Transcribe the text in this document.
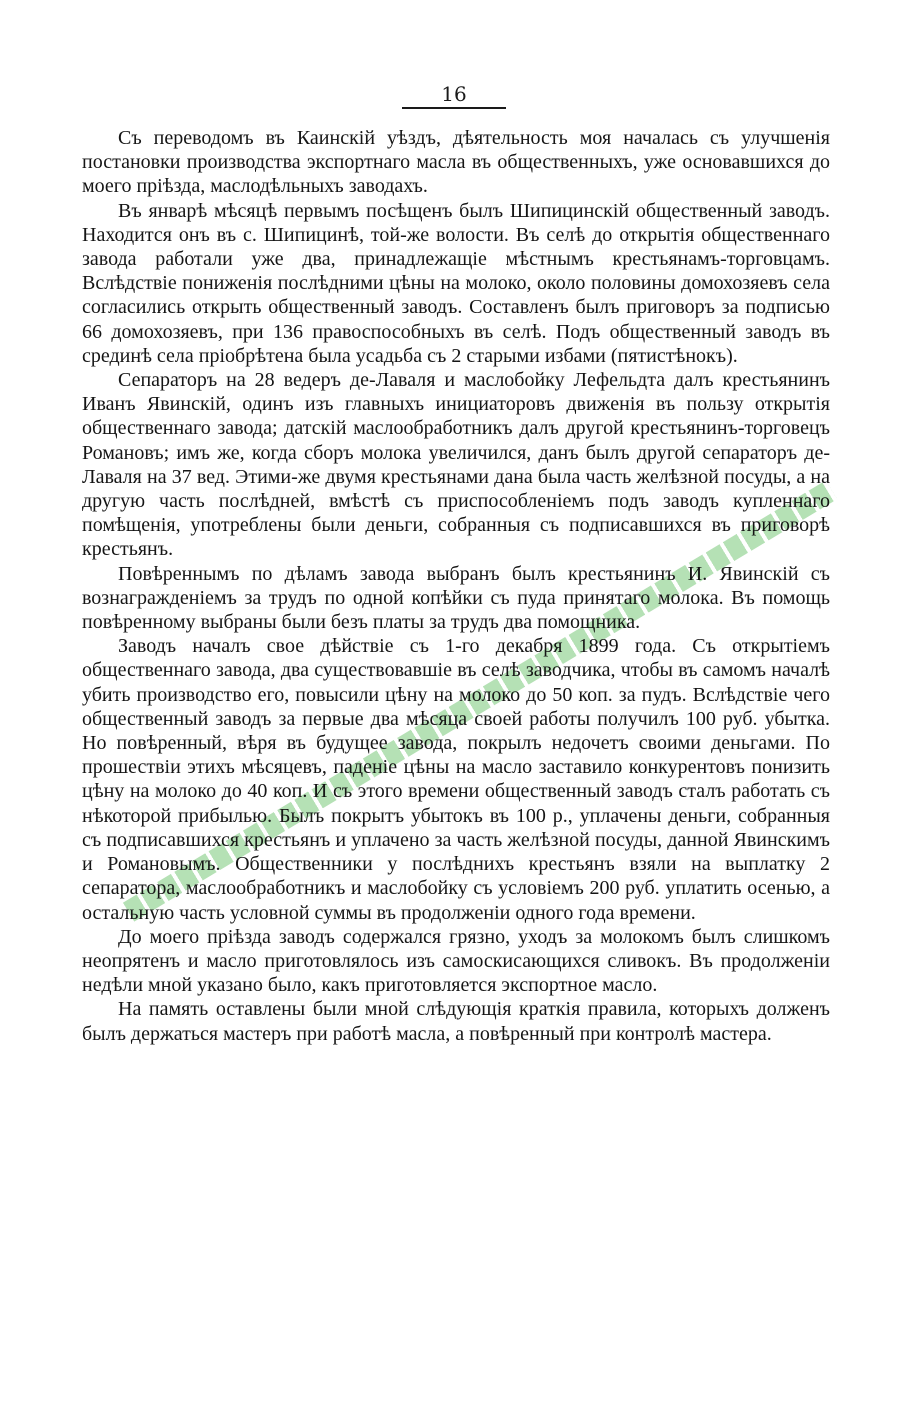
16

Съ переводомъ въ Каинскiй уѣздъ, дѣятельность моя началась съ улучшенiя постановки производства экспортнаго масла въ общественныхъ, уже основавшихся до моего прiѣзда, маслодѣльныхъ заводахъ.

Въ январѣ мѣсяцѣ первымъ посѣщенъ былъ Шипицинскiй общественный заводъ. Находится онъ въ с. Шипицинѣ, той-же волости. Въ селѣ до открытiя общественнаго завода работали уже два, принадлежащiе мѣстнымъ крестьянамъ-торговцамъ. Вслѣдствiе пониженiя послѣдними цѣны на молоко, около половины домохозяевъ села согласились открыть общественный заводъ. Составленъ былъ приговоръ за подписью 66 домохозяевъ, при 136 правоспособныхъ въ селѣ. Подъ общественный заводъ въ срединѣ села прiобрѣтена была усадьба съ 2 старыми избами (пятистѣнокъ).

Сепараторъ на 28 ведеръ де-Лаваля и маслобойку Лефельдта далъ крестьянинъ Иванъ Явинскiй, одинъ изъ главныхъ инициаторовъ движенiя въ пользу открытiя общественнаго завода; датскiй маслообработникъ далъ другой крестьянинъ-торговецъ Романовъ; имъ же, когда сборъ молока увеличился, данъ былъ другой сепараторъ де-Лаваля на 37 вед. Этими-же двумя крестьянами дана была часть желѣзной посуды, а на другую часть послѣдней, вмѣстѣ съ приспособленiемъ подъ заводъ купленнаго помѣщенiя, употреблены были деньги, собранныя съ подписавшихся въ приговорѣ крестьянъ.

Повѣреннымъ по дѣламъ завода выбранъ былъ крестьянинъ И. Явинскiй съ вознагражденiемъ за трудъ по одной копѣйки съ пуда принятаго молока. Въ помощь повѣренному выбраны были безъ платы за трудъ два помощника.

Заводъ началъ свое дѣйствiе съ 1-го декабря 1899 года. Съ открытiемъ общественнаго завода, два существовавшiе въ селѣ заводчика, чтобы въ самомъ началѣ убить производство его, повысили цѣну на молоко до 50 коп. за пудъ. Вслѣдствiе чего общественный заводъ за первые два мѣсяца своей работы получилъ 100 руб. убытка. Но повѣренный, вѣря въ будущее завода, покрылъ недочетъ своими деньгами. По прошествiи этихъ мѣсяцевъ, паденiе цѣны на масло заставило конкурентовъ понизить цѣну на молоко до 40 коп. И съ этого времени общественный заводъ сталъ работать съ нѣкоторой прибылью. Былъ покрытъ убытокъ въ 100 р., уплачены деньги, собранныя съ подписавшихся крестьянъ и уплачено за часть желѣзной посуды, данной Явинскимъ и Романовымъ. Общественники у послѣднихъ крестьянъ взяли на выплатку 2 сепаратора, маслообработникъ и маслобойку съ условiемъ 200 руб. уплатить осенью, а остальную часть условной суммы въ продолженiи одного года времени.

До моего прiѣзда заводъ содержался грязно, уходъ за молокомъ былъ слишкомъ неопрятенъ и масло приготовлялось изъ самоскисающихся сливокъ. Въ продолженiи недѣли мной указано было, какъ приготовляется экспортное масло.

На память оставлены были мной слѣдующiя краткiя правила, которыхъ долженъ былъ держаться мастеръ при работѣ масла, а повѣренный при контролѣ мастера.
